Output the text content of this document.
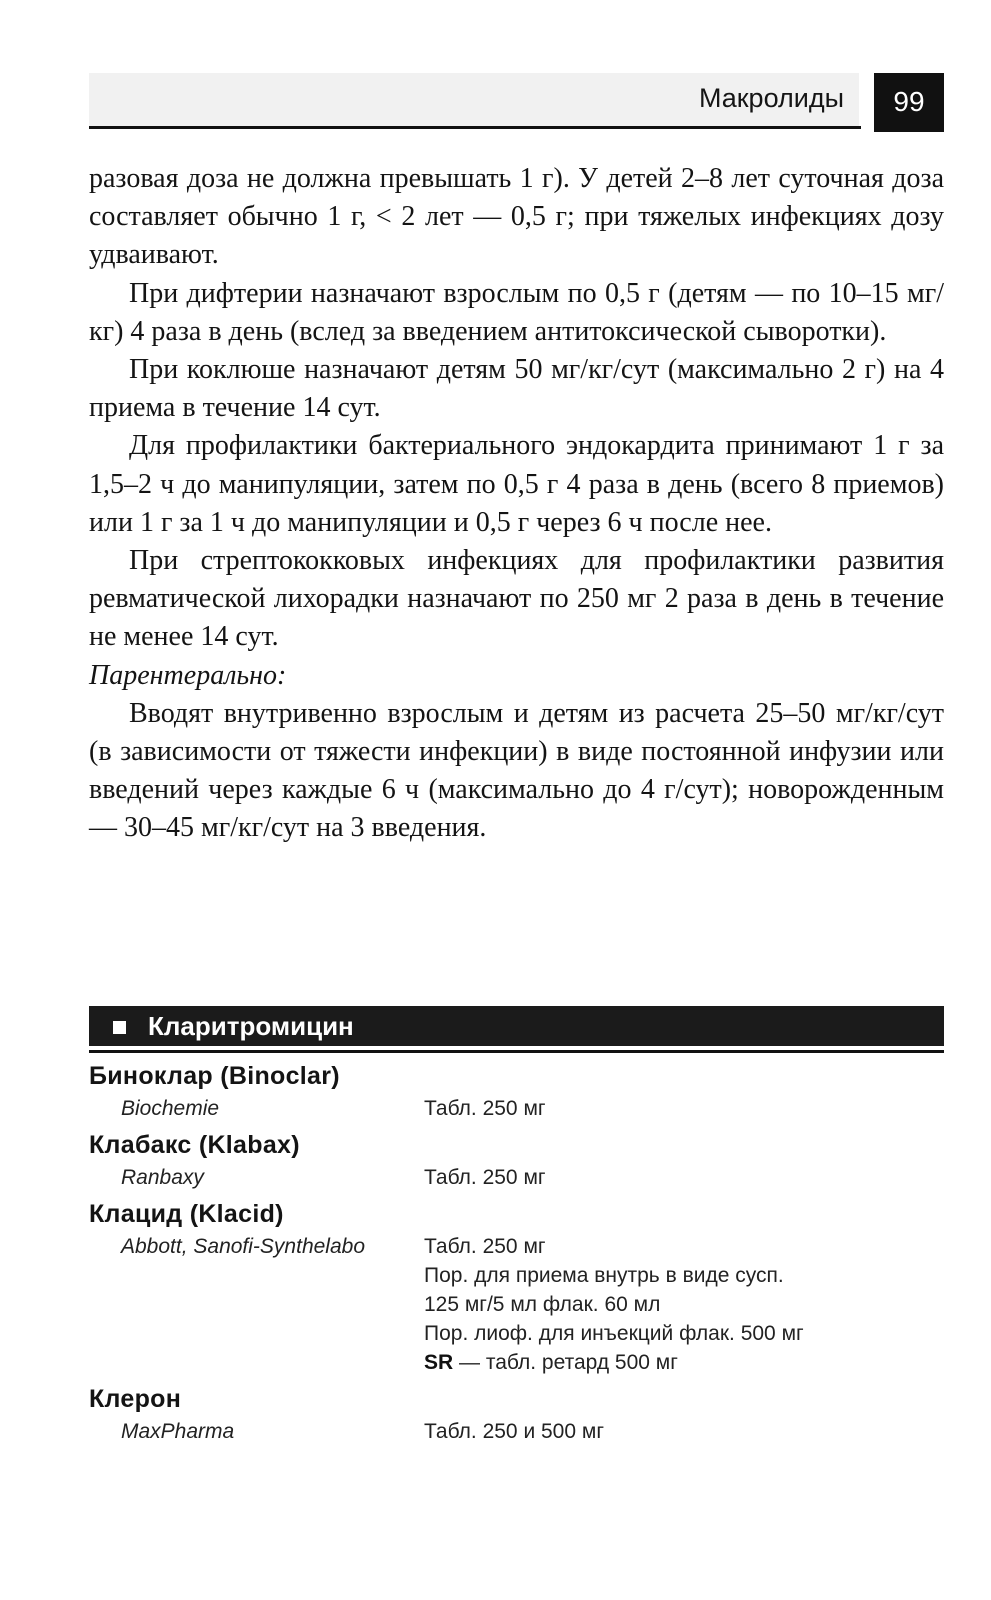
Макролиды	99

разовая доза не должна превышать 1 г). У детей 2–8 лет суточная доза составляет обычно 1 г, < 2 лет — 0,5 г; при тяжелых инфекциях дозу удваивают.

При дифтерии назначают взрослым по 0,5 г (детям — по 10–15 мг/кг) 4 раза в день (вслед за введением антитоксической сыворотки).

При коклюше назначают детям 50 мг/кг/сут (максимально 2 г) на 4 приема в течение 14 сут.

Для профилактики бактериального эндокардита принимают 1 г за 1,5–2 ч до манипуляции, затем по 0,5 г 4 раза в день (всего 8 приемов) или 1 г за 1 ч до манипуляции и 0,5 г через 6 ч после нее.

При стрептококковых инфекциях для профилактики развития ревматической лихорадки назначают по 250 мг 2 раза в день в течение не менее 14 сут.

Парентерально:

Вводят внутривенно взрослым и детям из расчета 25–50 мг/кг/сут (в зависимости от тяжести инфекции) в виде постоянной инфузии или введений через каждые 6 ч (максимально до 4 г/сут); новорожденным — 30–45 мг/кг/сут на 3 введения.

Кларитромицин
Биноклар (Binoclar)
Biochemie	Табл. 250 мг
Клабакс (Klabax)
Ranbaxy	Табл. 250 мг
Клацид (Klacid)
Abbott, Sanofi-Synthelabo	Табл. 250 мг
Пор. для приема внутрь в виде сусп.
125 мг/5 мл флак. 60 мл
Пор. лиоф. для инъекций флак. 500 мг
SR — табл. ретард 500 мг
Клерон
MaxPharma	Табл. 250 и 500 мг
